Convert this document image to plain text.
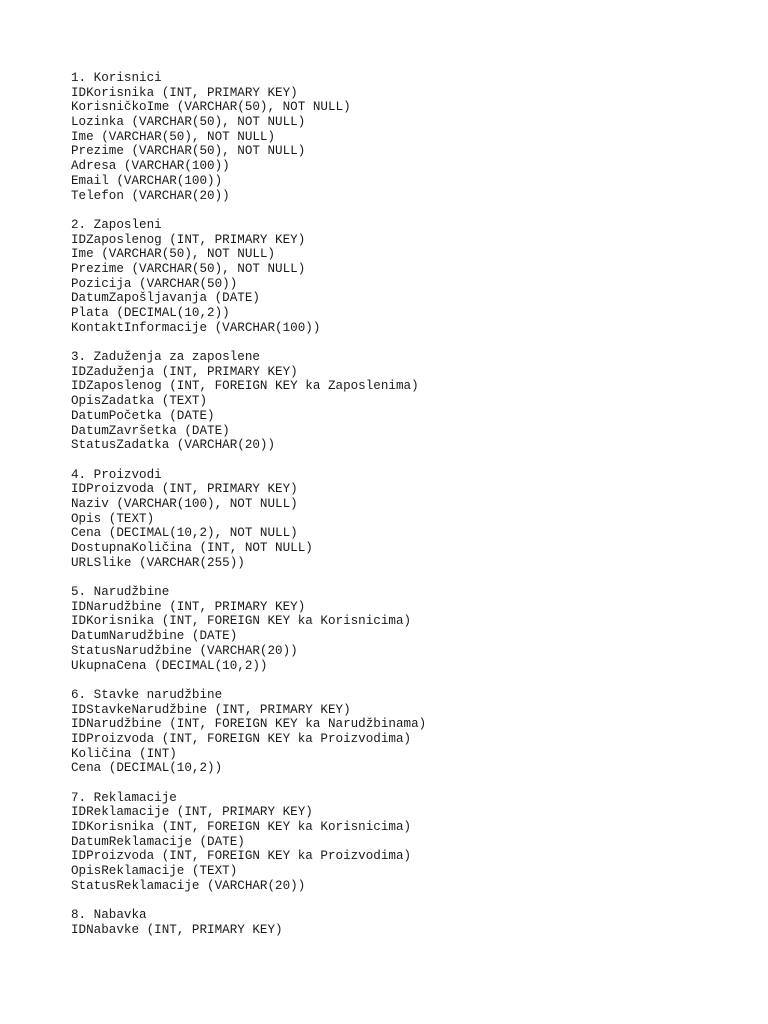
1. Korisnici
IDKorisnika (INT, PRIMARY KEY)
KorisničkoIme (VARCHAR(50), NOT NULL)
Lozinka (VARCHAR(50), NOT NULL)
Ime (VARCHAR(50), NOT NULL)
Prezime (VARCHAR(50), NOT NULL)
Adresa (VARCHAR(100))
Email (VARCHAR(100))
Telefon (VARCHAR(20))
2. Zaposleni
IDZaposlenog (INT, PRIMARY KEY)
Ime (VARCHAR(50), NOT NULL)
Prezime (VARCHAR(50), NOT NULL)
Pozicija (VARCHAR(50))
DatumZapošljavanja (DATE)
Plata (DECIMAL(10,2))
KontaktInformacije (VARCHAR(100))
3. Zaduženja za zaposlene
IDZaduženja (INT, PRIMARY KEY)
IDZaposlenog (INT, FOREIGN KEY ka Zaposlenima)
OpisZadatka (TEXT)
DatumPočetka (DATE)
DatumZavršetka (DATE)
StatusZadatka (VARCHAR(20))
4. Proizvodi
IDProizvoda (INT, PRIMARY KEY)
Naziv (VARCHAR(100), NOT NULL)
Opis (TEXT)
Cena (DECIMAL(10,2), NOT NULL)
DostupnaKoličina (INT, NOT NULL)
URLSlike (VARCHAR(255))
5. Narudžbine
IDNarudžbine (INT, PRIMARY KEY)
IDKorisnika (INT, FOREIGN KEY ka Korisnicima)
DatumNarudžbine (DATE)
StatusNarudžbine (VARCHAR(20))
UkupnaCena (DECIMAL(10,2))
6. Stavke narudžbine
IDStavkeNarudžbine (INT, PRIMARY KEY)
IDNarudžbine (INT, FOREIGN KEY ka Narudžbinama)
IDProizvoda (INT, FOREIGN KEY ka Proizvodima)
Količina (INT)
Cena (DECIMAL(10,2))
7. Reklamacije
IDReklamacije (INT, PRIMARY KEY)
IDKorisnika (INT, FOREIGN KEY ka Korisnicima)
DatumReklamacije (DATE)
IDProizvoda (INT, FOREIGN KEY ka Proizvodima)
OpisReklamacije (TEXT)
StatusReklamacije (VARCHAR(20))
8. Nabavka
IDNabavke (INT, PRIMARY KEY)
